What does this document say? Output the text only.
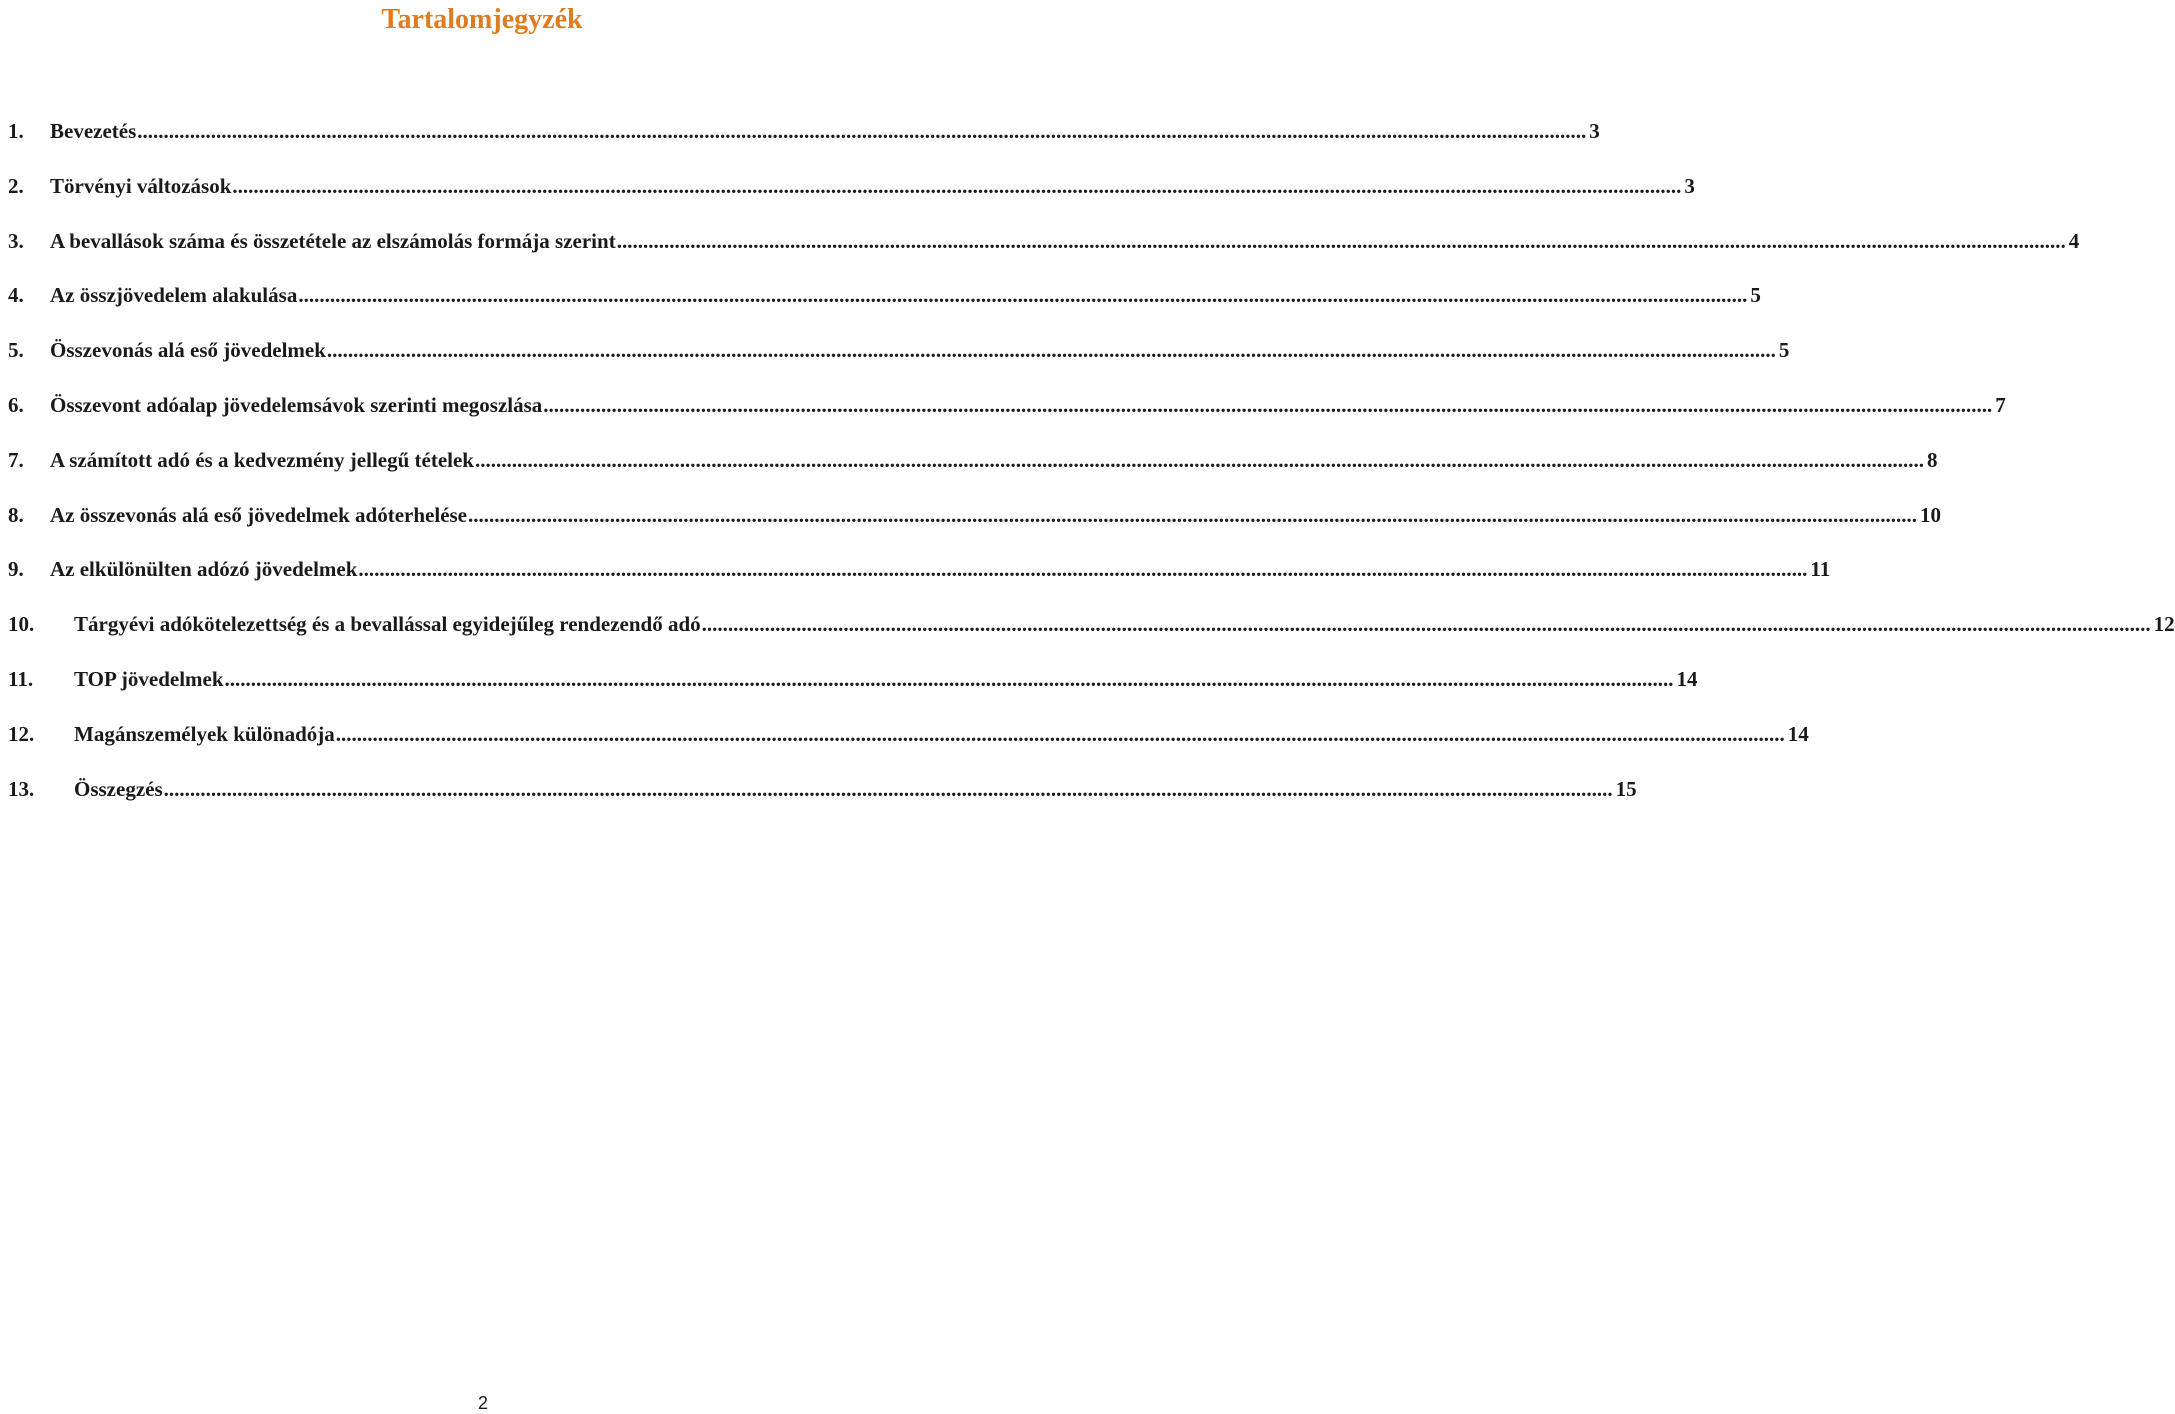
Tartalomjegyzék
1.	Bevezetés .....	3
2.	Törvényi változások .....	3
3.	A bevallások száma és összetétele az elszámolás formája szerint .....	4
4.	Az összjövedelem alakulása .....	5
5.	Összevonás alá eső jövedelmek .....	5
6.	Összevont adóalap jövedelemsávok szerinti megoszlása .....	7
7.	A számított adó és a kedvezmény jellegű tételek .....	8
8.	Az összevonás alá eső jövedelmek adóterhelése .....	10
9.	Az elkülönülten adózó jövedelmek .....	11
10.	Tárgyévi adókötelezettség és a bevallással egyidejűleg rendezendő adó .....	12
11.	TOP jövedelmek .....	14
12.	Magánszemélyek különadója .....	14
13.	Összegzés .....	15
2
